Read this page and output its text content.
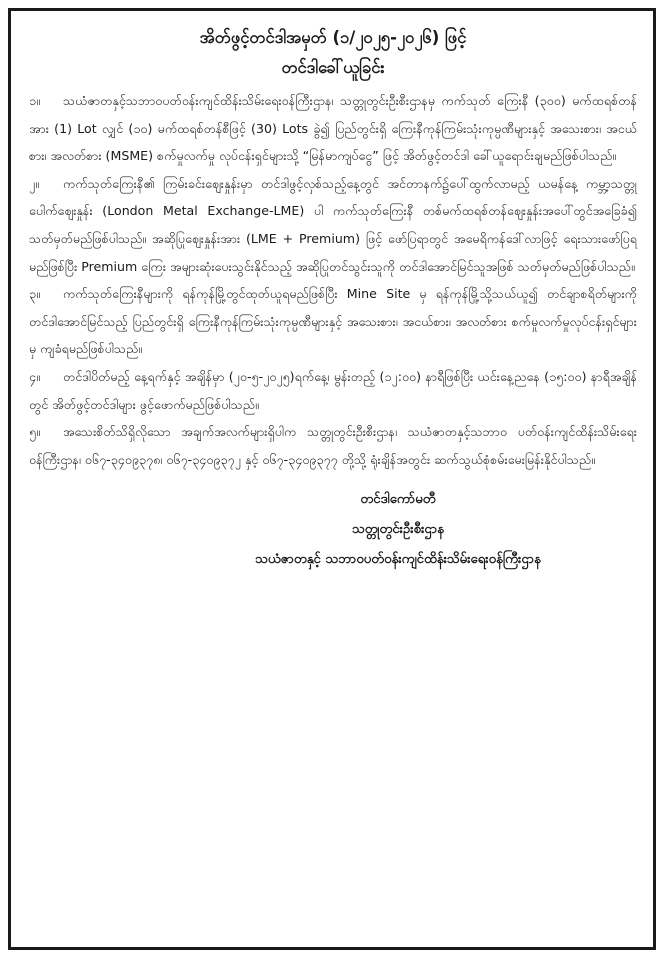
အိတ်ဖွင့်တင်ဒါအမှတ် (၁/၂၀၂၅-၂၀၂၆) ဖြင့်
တင်ဒါခေါ်ယူခြင်း

၁။ သယံဇာတနှင့်သဘာဝပတ်ဝန်းကျင်ထိန်းသိမ်းရေးဝန်ကြီးဌာန၊ သတ္တုတွင်းဦးစီးဌာနမှ ကက်သုတ် ကြေးနီ (၃၀၀) မက်ထရစ်တန်အား (1) Lot လျှင် (၁၀) မက်ထရစ်တန်စီဖြင့် (30) Lots ခွဲ၍ ပြည်တွင်းရှိ ကြေးနီကုန်ကြမ်းသုံးကုမ္ပဏီများနှင့် အသေးစား၊ အငယ်စား၊ အလတ်စား (MSME) စက်မှုလက်မှု လုပ်ငန်းရှင်များသို့ “မြန်မာကျပ်ငွေ” ဖြင့် အိတ်ဖွင့်တင်ဒါ ခေါ်ယူရောင်းချမည်ဖြစ်ပါသည်။

၂။ ကက်သုတ်ကြေးနီ၏ ကြမ်းခင်းဈေးနှုန်းမှာ တင်ဒါဖွင့်လှစ်သည့်နေ့တွင် အင်တာနက်၌ပေါ်ထွက်လာမည့် ယမန်နေ့ ကမ္ဘာ့သတ္တုပေါက်ဈေးနှုန်း (London Metal Exchange-LME) ပါ ကက်သုတ်ကြေးနီ တစ်မက်ထရစ်တန်ဈေးနှုန်းအပေါ်တွင်အခြေခံ၍ သတ်မှတ်မည်ဖြစ်ပါသည်။ အဆိုပြုဈေးနှုန်းအား (LME + Premium) ဖြင့် ဖော်ပြရာတွင် အမေရိကန်ဒေါ်လာဖြင့် ရေးသားဖော်ပြရမည်ဖြစ်ပြီး Premium ကြေး အများဆုံးပေးသွင်းနိုင်သည့် အဆိုပြုတင်သွင်းသူကို တင်ဒါအောင်မြင်သူအဖြစ် သတ်မှတ်မည်ဖြစ်ပါသည်။

၃။ ကက်သုတ်ကြေးနီများကို ရန်ကုန်မြို့တွင်ထုတ်ယူရမည်ဖြစ်ပြီး Mine Site မှ ရန်ကုန်မြို့သို့သယ်ယူ၍ တင်ချာစရိတ်များကို တင်ဒါအောင်မြင်သည့် ပြည်တွင်းရှိ ကြေးနီကုန်ကြမ်းသုံးကုမ္ပဏီများနှင့် အသေးစား၊ အငယ်စား၊ အလတ်စား စက်မှုလက်မှုလုပ်ငန်းရှင်များမှ ကျခံရမည်ဖြစ်ပါသည်။

၄။ တင်ဒါပိတ်မည့် နေ့ရက်နှင့် အချိန်မှာ (၂၀-၅-၂၀၂၅)ရက်နေ့၊ မွန်းတည့် (၁၂:၀၀) နာရီဖြစ်ပြီး ယင်းနေ့ညနေ (၁၅:၀၀) နာရီအချိန်တွင် အိတ်ဖွင့်တင်ဒါများ ဖွင့်ဖောက်မည်ဖြစ်ပါသည်။

၅။ အသေးစိတ်သိရှိလိုသော အချက်အလက်များရှိပါက သတ္တုတွင်းဦးစီးဌာန၊ သယံဇာတနှင့်သဘာဝ ပတ်ဝန်းကျင်ထိန်းသိမ်းရေးဝန်ကြီးဌာန၊ ၀၆၇-၃၄၀၉၃၇၈၊ ၀၆၇-၃၄၀၉၃၇၂ နှင့် ၀၆၇-၃၄၀၉၃၇၇ တို့သို့ ရုံးချိန်အတွင်း ဆက်သွယ်စုံစမ်းမေးမြန်းနိုင်ပါသည်။

တင်ဒါကော်မတီ

သတ္တုတွင်းဦးစီးဌာန

သယံဇာတနှင့် သဘာဝပတ်ဝန်းကျင်ထိန်းသိမ်းရေးဝန်ကြီးဌာန
